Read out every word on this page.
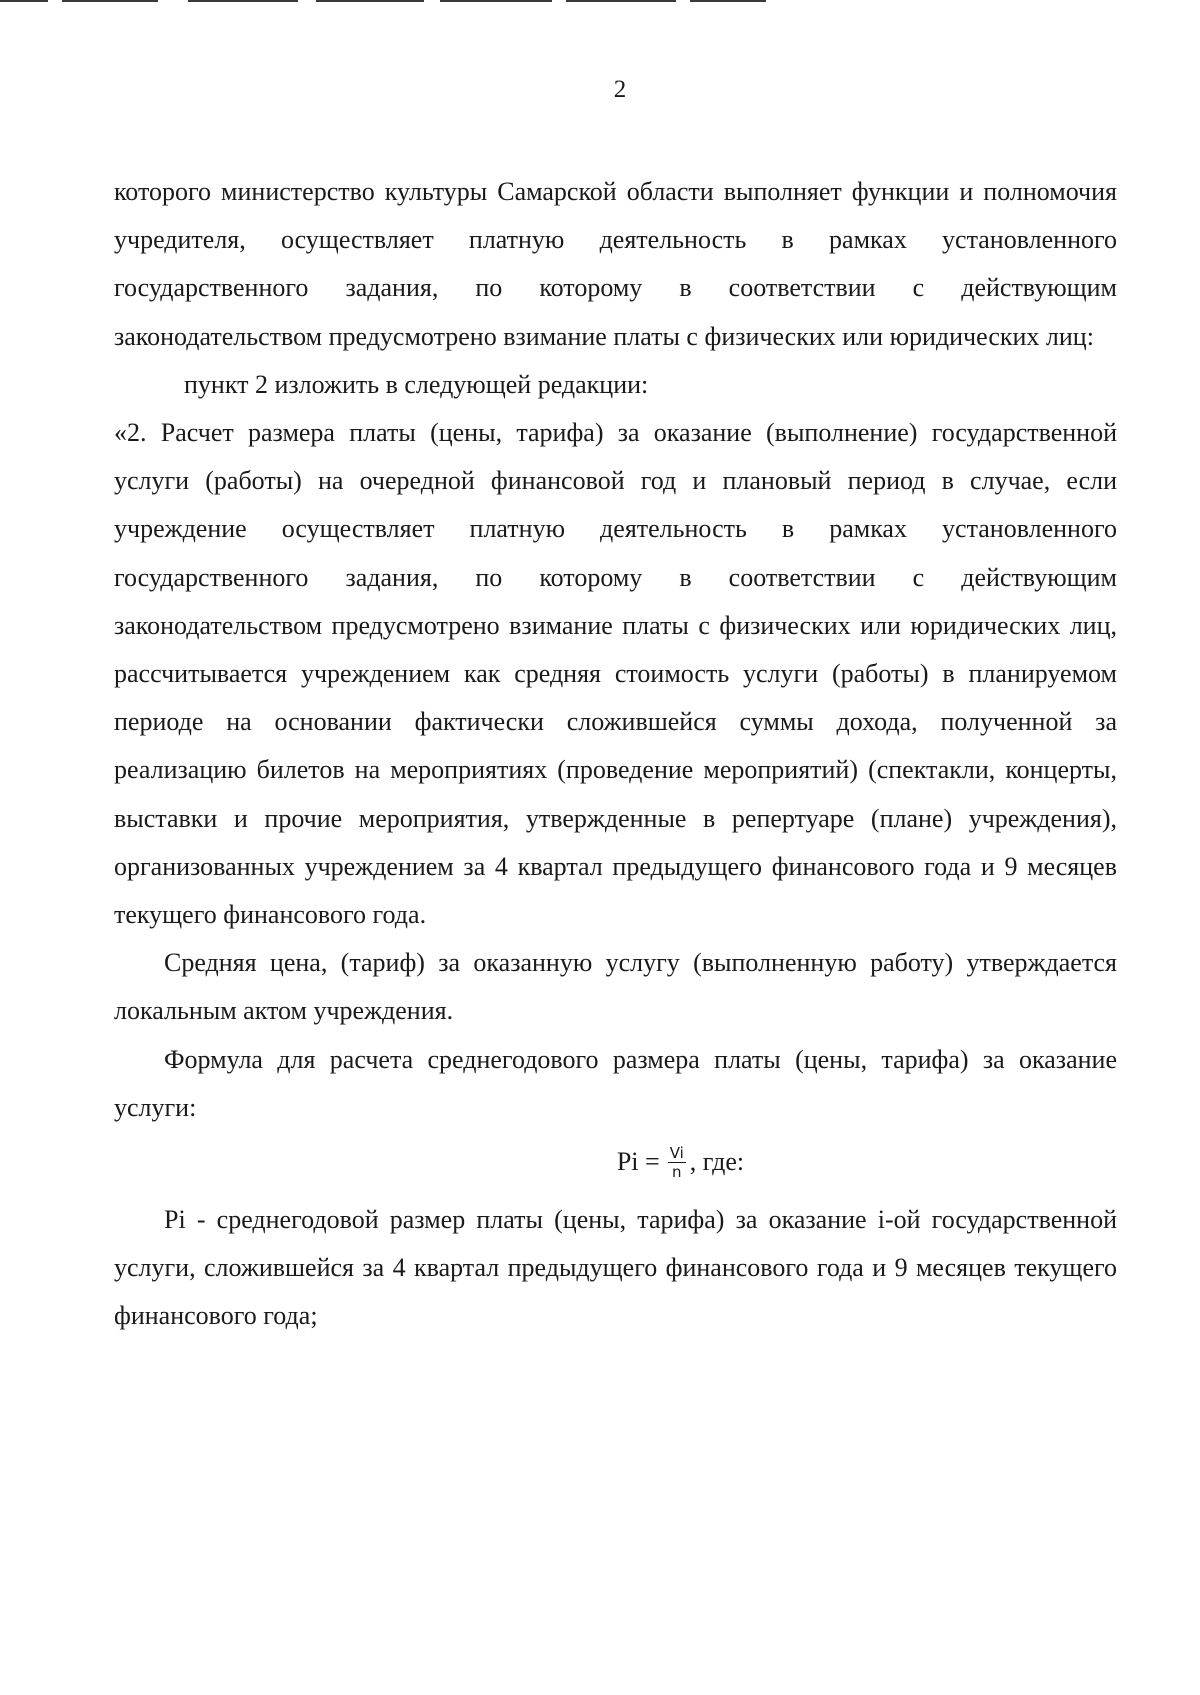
2

которого министерство культуры Самарской области выполняет функции и полномочия учредителя, осуществляет платную деятельность в рамках установленного государственного задания, по которому в соответствии с действующим законодательством предусмотрено взимание платы с физических или юридических лиц:

пункт 2 изложить в следующей редакции:

«2. Расчет размера платы (цены, тарифа) за оказание (выполнение) государственной услуги (работы) на очередной финансовой год и плановый период в случае, если учреждение осуществляет платную деятельность в рамках установленного государственного задания, по которому в соответствии с действующим законодательством предусмотрено взимание платы с физических или юридических лиц, рассчитывается учреждением как средняя стоимость услуги (работы) в планируемом периоде на основании фактически сложившейся суммы дохода, полученной за реализацию билетов на мероприятиях (проведение мероприятий) (спектакли, концерты, выставки и прочие мероприятия, утвержденные в репертуаре (плане) учреждения), организованных учреждением за 4 квартал предыдущего финансового года и 9 месяцев текущего финансового года.

Средняя цена, (тариф) за оказанную услугу (выполненную работу) утверждается локальным актом учреждения.

Формула для расчета среднегодового размера платы (цены, тарифа) за оказание услуги:

$Pi = \frac{Vi}{n}$ , где:

Pi - среднегодовой размер платы (цены, тарифа) за оказание i-ой государственной услуги, сложившейся за 4 квартал предыдущего финансового года и 9 месяцев текущего финансового года;
